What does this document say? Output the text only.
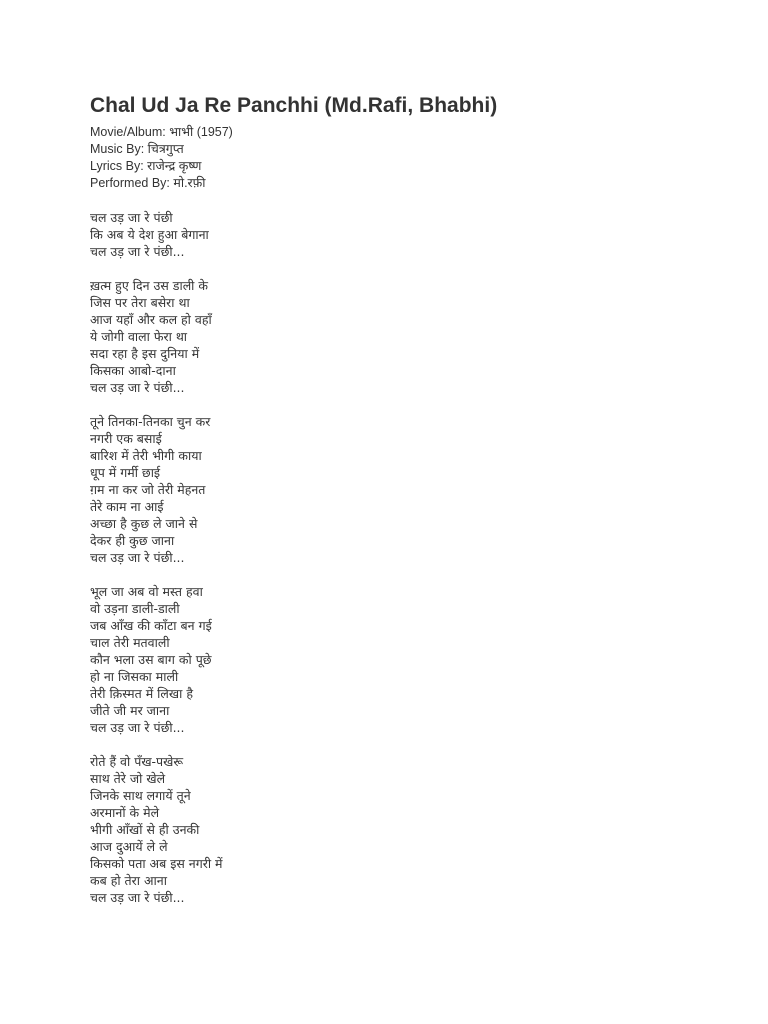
Chal Ud Ja Re Panchhi (Md.Rafi, Bhabhi)
Movie/Album: भाभी (1957)
Music By: चित्रगुप्त
Lyrics By: राजेन्द्र कृष्ण
Performed By: मो.रफ़ी
चल उड़ जा रे पंछी
कि अब ये देश हुआ बेगाना
चल उड़ जा रे पंछी...
ख़त्म हुए दिन उस डाली के
जिस पर तेरा बसेरा था
आज यहाँ और कल हो वहाँ
ये जोगी वाला फेरा था
सदा रहा है इस दुनिया में
किसका आबो-दाना
चल उड़ जा रे पंछी...
तूने तिनका-तिनका चुन कर
नगरी एक बसाई
बारिश में तेरी भीगी काया
धूप में गर्मी छाई
ग़म ना कर जो तेरी मेहनत
तेरे काम ना आई
अच्छा है कुछ ले जाने से
देकर ही कुछ जाना
चल उड़ जा रे पंछी...
भूल जा अब वो मस्त हवा
वो उड़ना डाली-डाली
जब आँख की काँटा बन गई
चाल तेरी मतवाली
कौन भला उस बाग को पूछे
हो ना जिसका माली
तेरी क़िस्मत में लिखा है
जीते जी मर जाना
चल उड़ जा रे पंछी...
रोते हैं वो पँख-पखेरू
साथ तेरे जो खेले
जिनके साथ लगायें तूने
अरमानों के मेले
भीगी आँखों से ही उनकी
आज दुआयें ले ले
किसको पता अब इस नगरी में
कब हो तेरा आना
चल उड़ जा रे पंछी...
